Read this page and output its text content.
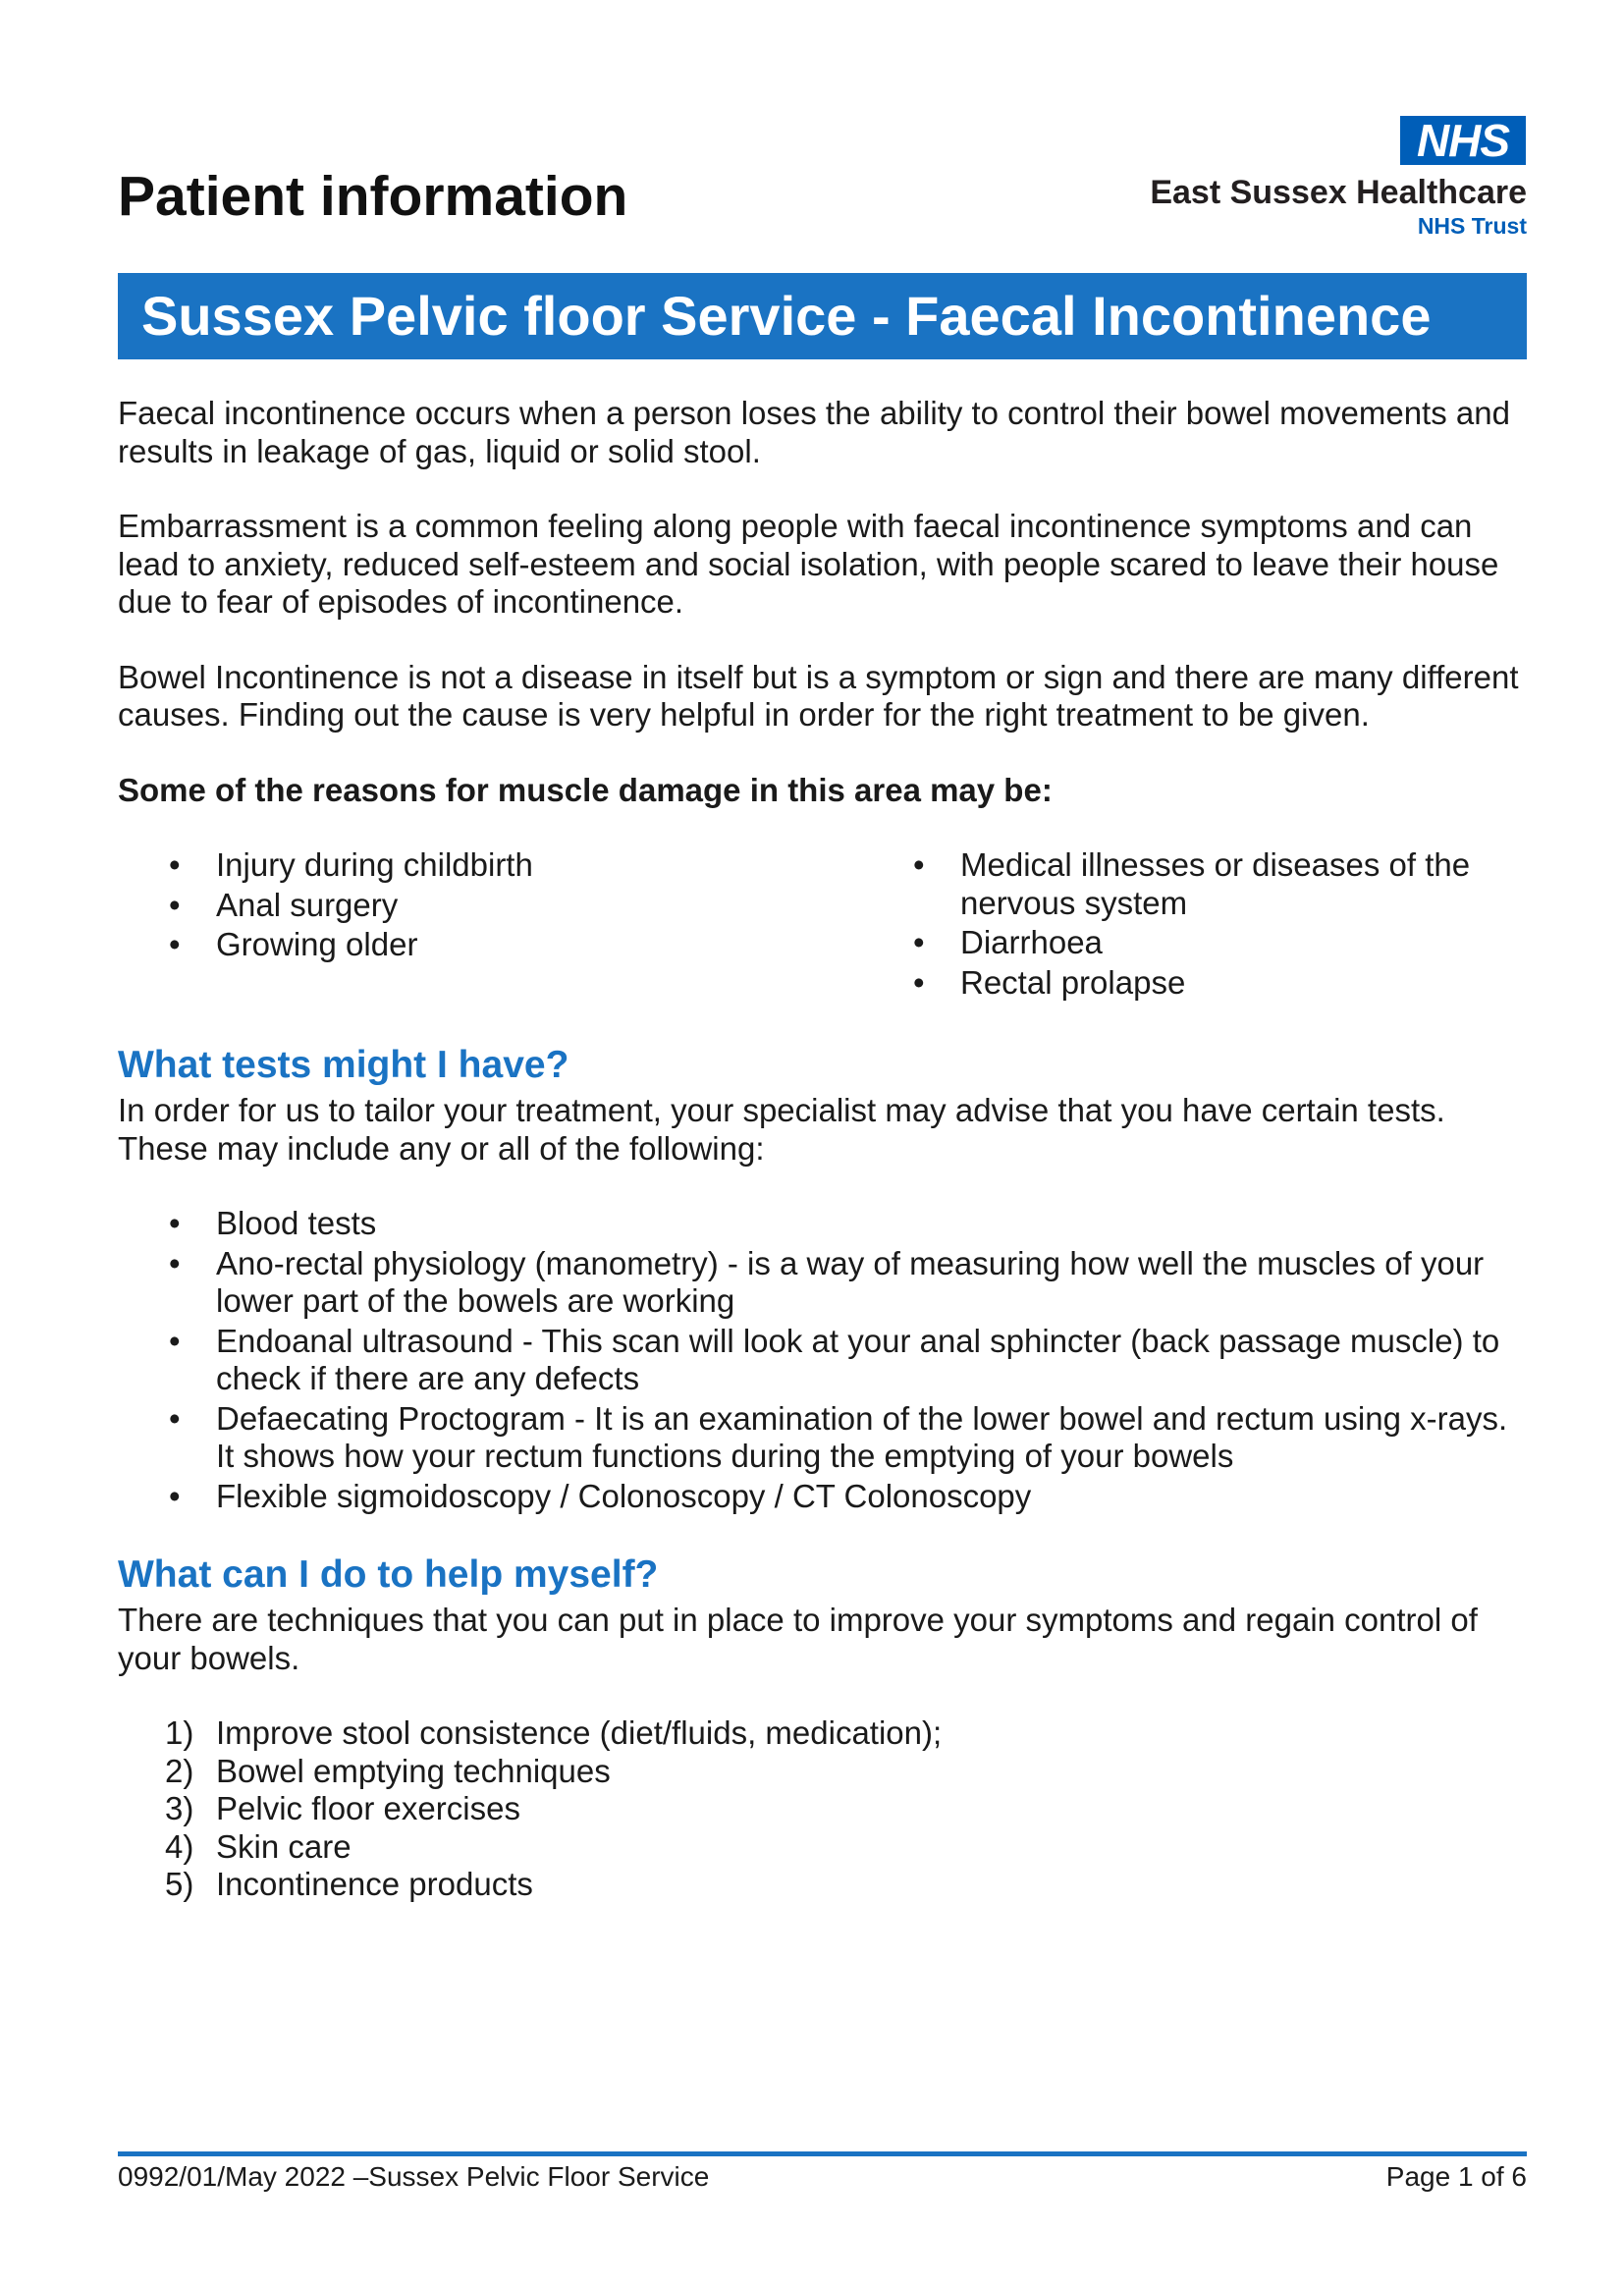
Patient information
NHS
East Sussex Healthcare
NHS Trust
Sussex Pelvic floor Service - Faecal Incontinence

Faecal incontinence occurs when a person loses the ability to control their bowel movements and results in leakage of gas, liquid or solid stool.

Embarrassment is a common feeling along people with faecal incontinence symptoms and can lead to anxiety, reduced self-esteem and social isolation, with people scared to leave their house due to fear of episodes of incontinence.

Bowel Incontinence is not a disease in itself but is a symptom or sign and there are many different causes. Finding out the cause is very helpful in order for the right treatment to be given.

Some of the reasons for muscle damage in this area may be:

• Injury during childbirth
• Anal surgery
• Growing older
• Medical illnesses or diseases of the nervous system
• Diarrhoea
• Rectal prolapse
What tests might I have?

In order for us to tailor your treatment, your specialist may advise that you have certain tests. These may include any or all of the following:

• Blood tests
• Ano-rectal physiology (manometry) - is a way of measuring how well the muscles of your lower part of the bowels are working
• Endoanal ultrasound - This scan will look at your anal sphincter (back passage muscle) to check if there are any defects
• Defaecating Proctogram - It is an examination of the lower bowel and rectum using x-rays. It shows how your rectum functions during the emptying of your bowels
• Flexible sigmoidoscopy / Colonoscopy / CT Colonoscopy
What can I do to help myself?

There are techniques that you can put in place to improve your symptoms and regain control of your bowels.

1) Improve stool consistence (diet/fluids, medication);
2) Bowel emptying techniques
3) Pelvic floor exercises
4) Skin care
5) Incontinence products
0992/01/May 2022 –Sussex Pelvic Floor Service	Page 1 of 6
